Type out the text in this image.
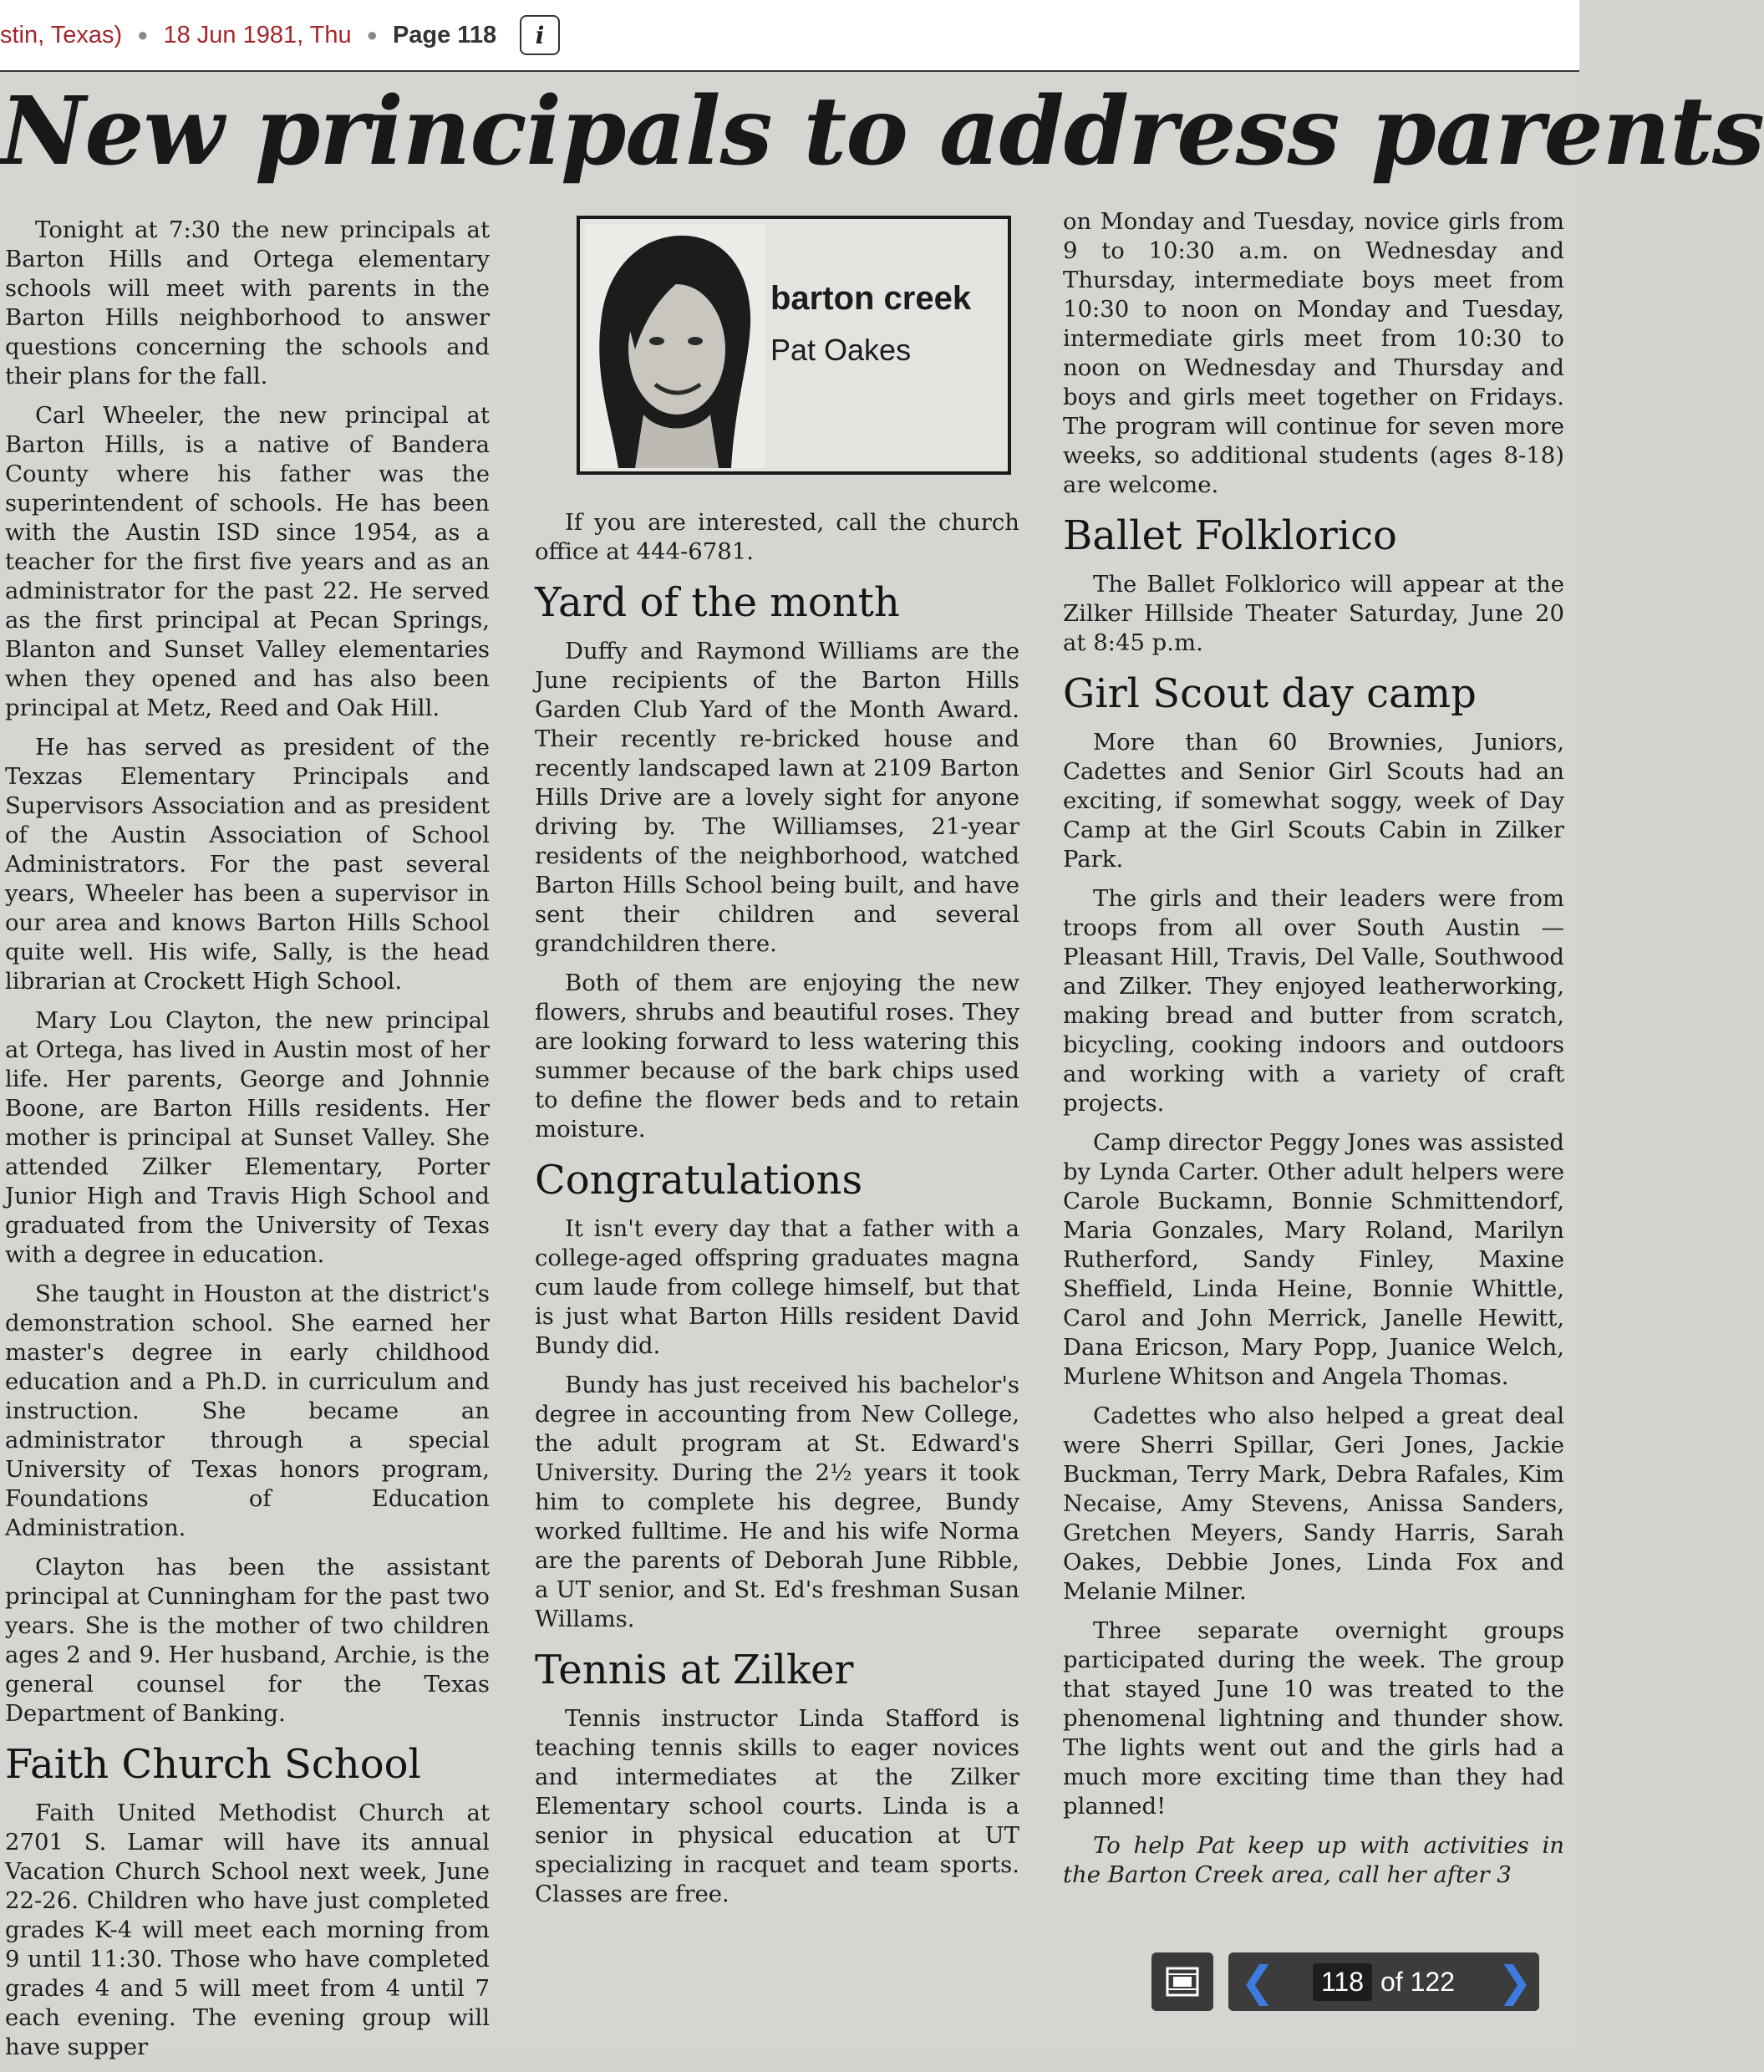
stin, Texas) ● 18 Jun 1981, Thu ● Page 118 i
New principals to address parents

Tonight at 7:30 the new principals at Barton Hills and Ortega elementary schools will meet with parents in the Barton Hills neighborhood to answer questions concerning the schools and their plans for the fall.

Carl Wheeler, the new principal at Barton Hills, is a native of Bandera County where his father was the superintendent of schools. He has been with the Austin ISD since 1954, as a teacher for the first five years and as an administrator for the past 22. He served as the first principal at Pecan Springs, Blanton and Sunset Valley elementaries when they opened and has also been principal at Metz, Reed and Oak Hill.

He has served as president of the Texzas Elementary Principals and Supervisors Association and as president of the Austin Association of School Administrators. For the past several years, Wheeler has been a supervisor in our area and knows Barton Hills School quite well. His wife, Sally, is the head librarian at Crockett High School.

Mary Lou Clayton, the new principal at Ortega, has lived in Austin most of her life. Her parents, George and Johnnie Boone, are Barton Hills residents. Her mother is principal at Sunset Valley. She attended Zilker Elementary, Porter Junior High and Travis High School and graduated from the University of Texas with a degree in education.

She taught in Houston at the district's demonstration school. She earned her master's degree in early childhood education and a Ph.D. in curriculum and instruction. She became an administrator through a special University of Texas honors program, Foundations of Education Administration.

Clayton has been the assistant principal at Cunningham for the past two years. She is the mother of two children ages 2 and 9. Her husband, Archie, is the general counsel for the Texas Department of Banking.

Faith Church School

Faith United Methodist Church at 2701 S. Lamar will have its annual Vacation Church School next week, June 22-26. Children who have just completed grades K-4 will meet each morning from 9 until 11:30. Those who have completed grades 4 and 5 will meet from 4 until 7 each evening. The evening group will have supper

barton creek
Pat Oakes

If you are interested, call the church office at 444-6781.

Yard of the month

Duffy and Raymond Williams are the June recipients of the Barton Hills Garden Club Yard of the Month Award. Their recently re-bricked house and recently landscaped lawn at 2109 Barton Hills Drive are a lovely sight for anyone driving by. The Williamses, 21-year residents of the neighborhood, watched Barton Hills School being built, and have sent their children and several grandchildren there.

Both of them are enjoying the new flowers, shrubs and beautiful roses. They are looking forward to less watering this summer because of the bark chips used to define the flower beds and to retain moisture.

Congratulations

It isn't every day that a father with a college-aged offspring graduates magna cum laude from college himself, but that is just what Barton Hills resident David Bundy did.

Bundy has just received his bachelor's degree in accounting from New College, the adult program at St. Edward's University. During the 2½ years it took him to complete his degree, Bundy worked fulltime. He and his wife Norma are the parents of Deborah June Ribble, a UT senior, and St. Ed's freshman Susan Willams.

Tennis at Zilker

Tennis instructor Linda Stafford is teaching tennis skills to eager novices and intermediates at the Zilker Elementary school courts. Linda is a senior in physical education at UT specializing in racquet and team sports. Classes are free.

on Monday and Tuesday, novice girls from 9 to 10:30 a.m. on Wednesday and Thursday, intermediate boys meet from 10:30 to noon on Monday and Tuesday, intermediate girls meet from 10:30 to noon on Wednesday and Thursday and boys and girls meet together on Fridays. The program will continue for seven more weeks, so additional students (ages 8-18) are welcome.

Ballet Folklorico

The Ballet Folklorico will appear at the Zilker Hillside Theater Saturday, June 20 at 8:45 p.m.

Girl Scout day camp

More than 60 Brownies, Juniors, Cadettes and Senior Girl Scouts had an exciting, if somewhat soggy, week of Day Camp at the Girl Scouts Cabin in Zilker Park.

The girls and their leaders were from troops from all over South Austin — Pleasant Hill, Travis, Del Valle, Southwood and Zilker. They enjoyed leatherworking, making bread and butter from scratch, bicycling, cooking indoors and outdoors and working with a variety of craft projects.

Camp director Peggy Jones was assisted by Lynda Carter. Other adult helpers were Carole Buckamn, Bonnie Schmittendorf, Maria Gonzales, Mary Roland, Marilyn Rutherford, Sandy Finley, Maxine Sheffield, Linda Heine, Bonnie Whittle, Carol and John Merrick, Janelle Hewitt, Dana Ericson, Mary Popp, Juanice Welch, Murlene Whitson and Angela Thomas.

Cadettes who also helped a great deal were Sherri Spillar, Geri Jones, Jackie Buckman, Terry Mark, Debra Rafales, Kim Necaise, Amy Stevens, Anissa Sanders, Gretchen Meyers, Sandy Harris, Sarah Oakes, Debbie Jones, Linda Fox and Melanie Milner.

Three separate overnight groups participated during the week. The group that stayed June 10 was treated to the phenomenal lightning and thunder show. The lights went out and the girls had a much more exciting time than they had planned!

To help Pat keep up with activities in the Barton Creek area, call her after 3

❮	118 of 122 ❯
